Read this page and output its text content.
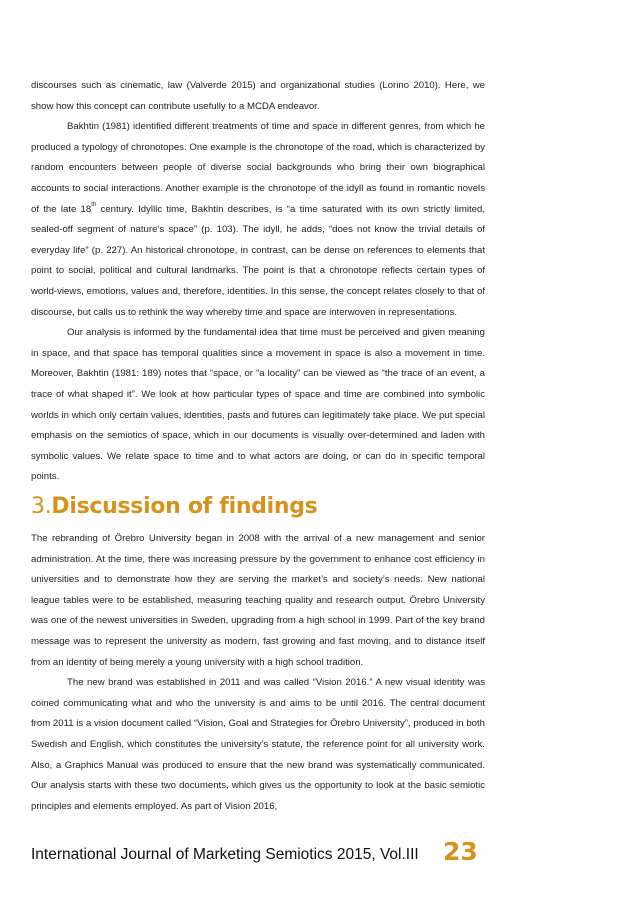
discourses such as cinematic, law (Valverde 2015) and organizational studies (Lorino 2010). Here, we show how this concept can contribute usefully to a MCDA endeavor.

Bakhtin (1981) identified different treatments of time and space in different genres, from which he produced a typology of chronotopes. One example is the chronotope of the road, which is characterized by random encounters between people of diverse social backgrounds who bring their own biographical accounts to social interactions. Another example is the chronotope of the idyll as found in romantic novels of the late 18th century. Idyllic time, Bakhtin describes, is “a time saturated with its own strictly limited, sealed-off segment of nature’s space” (p. 103). The idyll, he adds, “does not know the trivial details of everyday life” (p. 227). An historical chronotope, in contrast, can be dense on references to elements that point to social, political and cultural landmarks. The point is that a chronotope reflects certain types of world-views, emotions, values and, therefore, identities. In this sense, the concept relates closely to that of discourse, but calls us to rethink the way whereby time and space are interwoven in representations.

Our analysis is informed by the fundamental idea that time must be perceived and given meaning in space, and that space has temporal qualities since a movement in space is also a movement in time. Moreover, Bakhtin (1981: 189) notes that “space, or “a locality” can be viewed as “the trace of an event, a trace of what shaped it”. We look at how particular types of space and time are combined into symbolic worlds in which only certain values, identities, pasts and futures can legitimately take place. We put special emphasis on the semiotics of space, which in our documents is visually over-determined and laden with symbolic values. We relate space to time and to what actors are doing, or can do in specific temporal points.

3.Discussion of findings

The rebranding of Örebro University began in 2008 with the arrival of a new management and senior administration. At the time, there was increasing pressure by the government to enhance cost efficiency in universities and to demonstrate how they are serving the market’s and society’s needs. New national league tables were to be established, measuring teaching quality and research output. Örebro University was one of the newest universities in Sweden, upgrading from a high school in 1999. Part of the key brand message was to represent the university as modern, fast growing and fast moving, and to distance itself from an identity of being merely a young university with a high school tradition.

The new brand was established in 2011 and was called “Vision 2016.” A new visual identity was coined communicating what and who the university is and aims to be until 2016. The central document from 2011 is a vision document called “Vision, Goal and Strategies for Örebro University”, produced in both Swedish and English, which constitutes the university’s statute, the reference point for all university work. Also, a Graphics Manual was produced to ensure that the new brand was systematically communicated. Our analysis starts with these two documents, which gives us the opportunity to look at the basic semiotic principles and elements employed. As part of Vision 2016,

International Journal of Marketing Semiotics 2015, Vol.III 23
